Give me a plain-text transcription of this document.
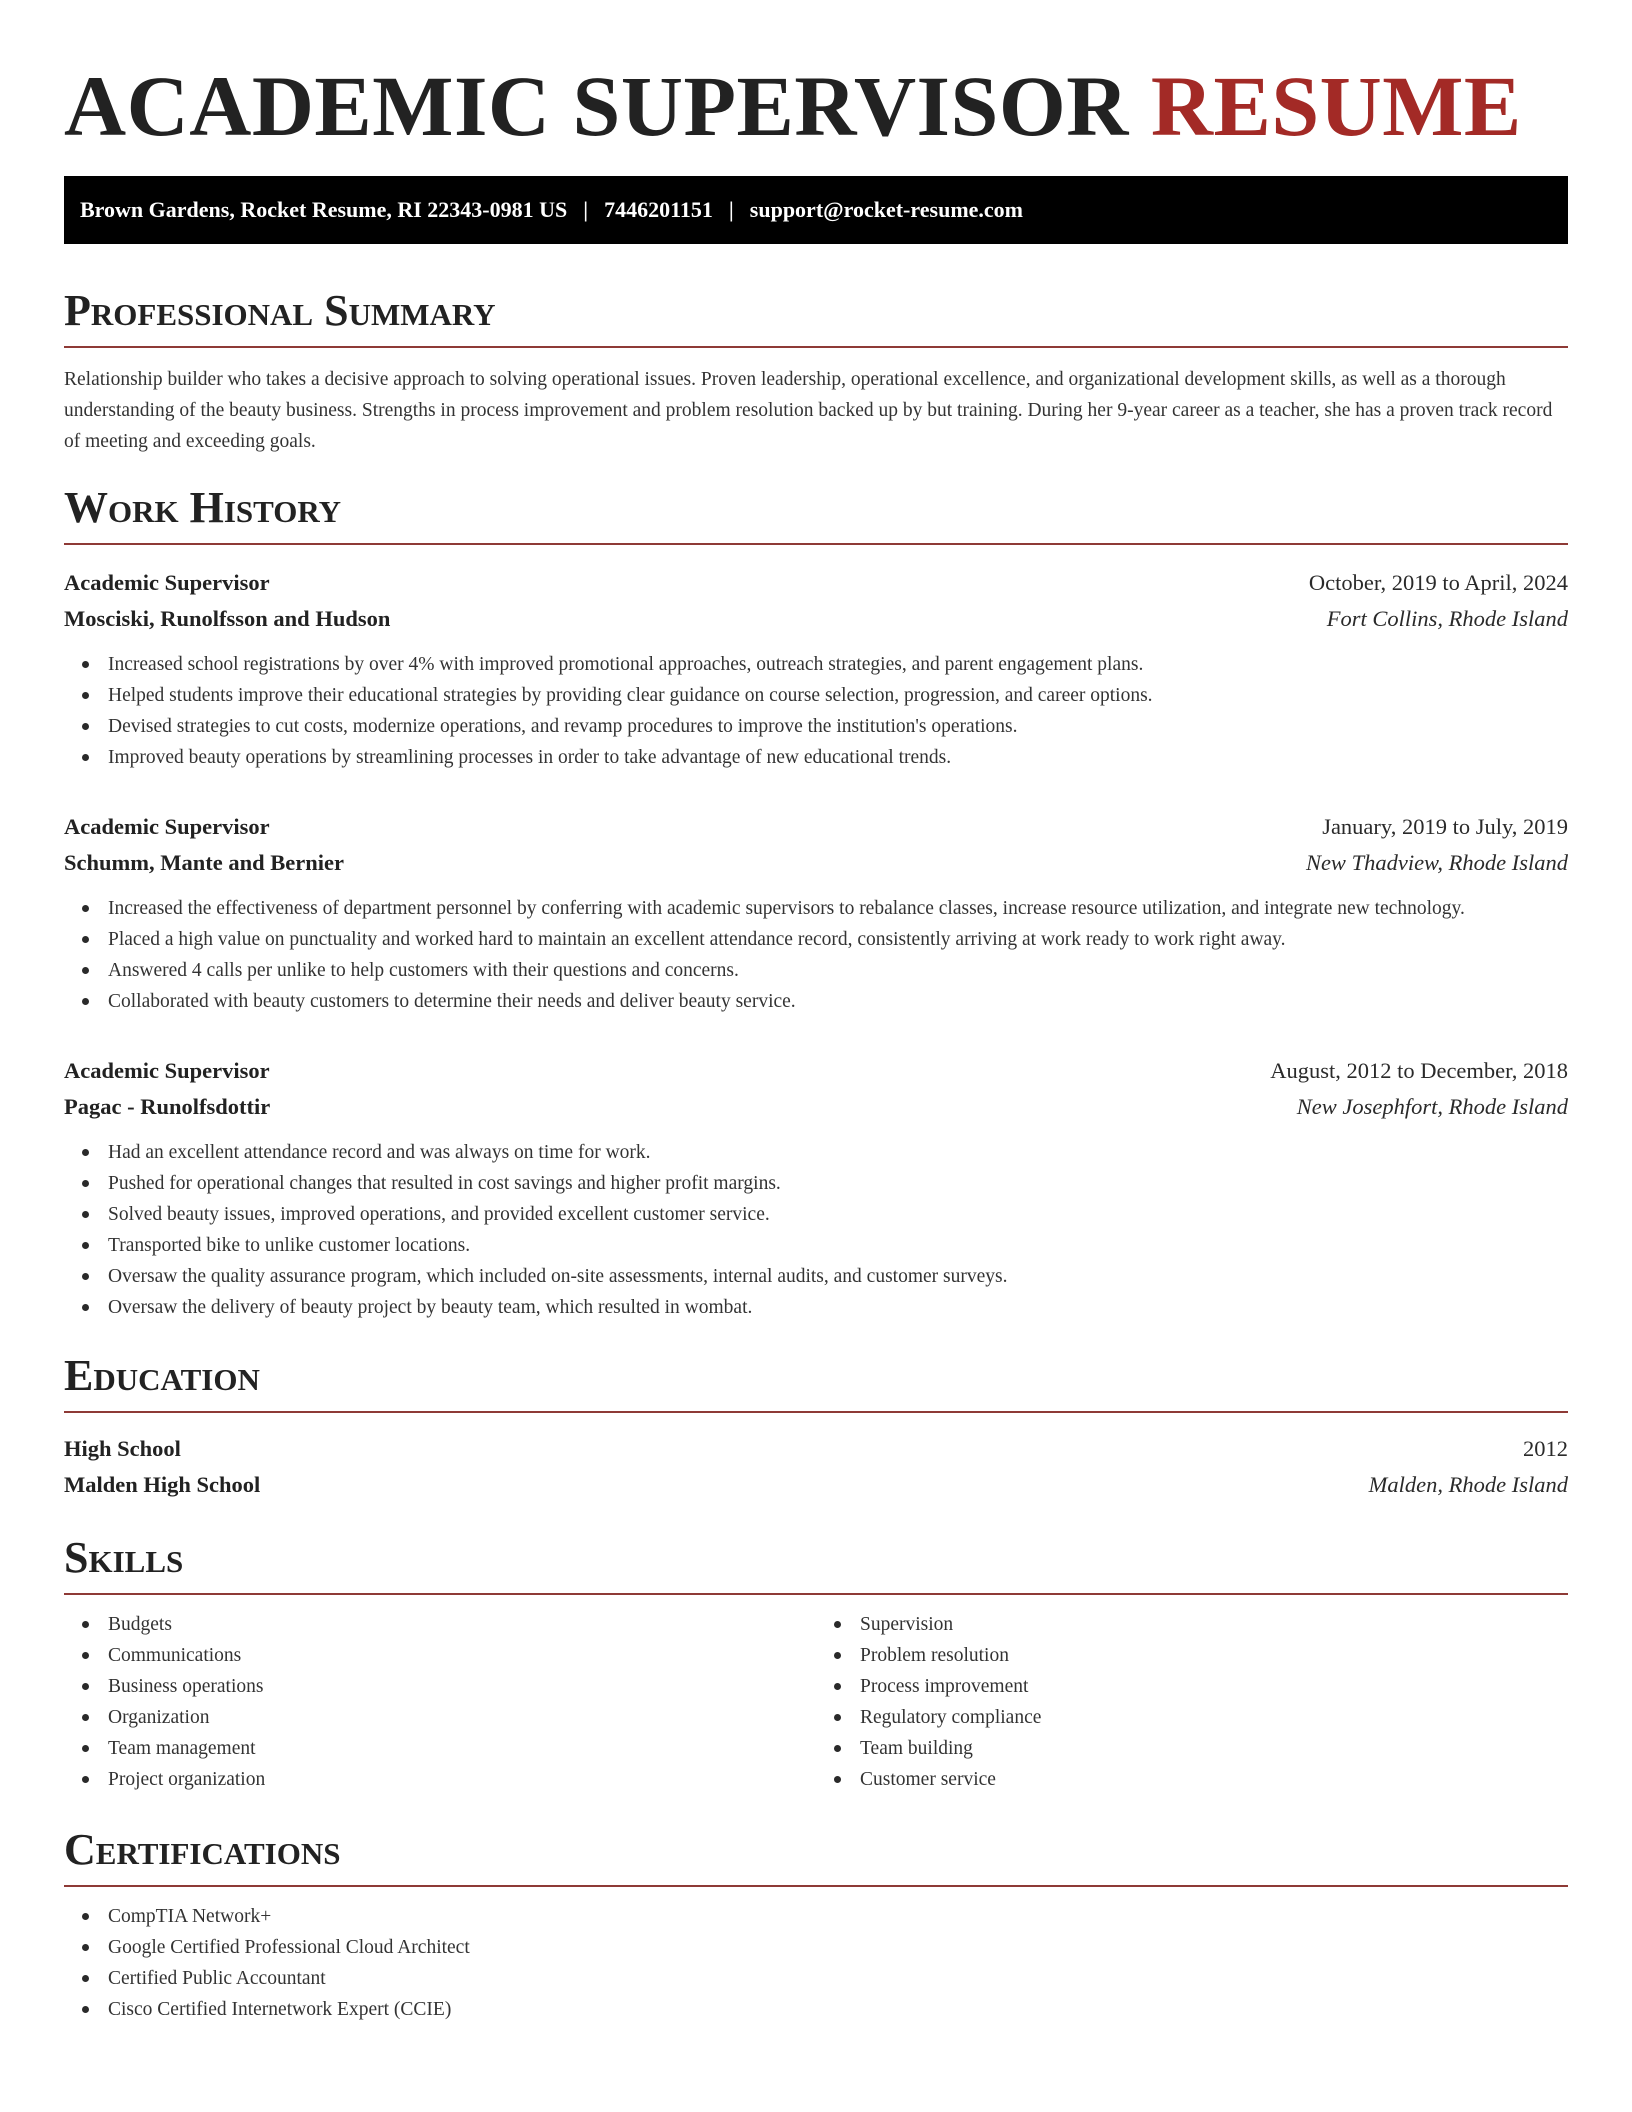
ACADEMIC SUPERVISOR RESUME
Brown Gardens, Rocket Resume, RI 22343-0981 US | 7446201151 | support@rocket-resume.com
Professional Summary

Relationship builder who takes a decisive approach to solving operational issues. Proven leadership, operational excellence, and organizational development skills, as well as a thorough understanding of the beauty business. Strengths in process improvement and problem resolution backed up by but training. During her 9-year career as a teacher, she has a proven track record of meeting and exceeding goals.

Work History
Academic Supervisor	October, 2019 to April, 2024
Mosciski, Runolfsson and Hudson	Fort Collins, Rhode Island
Increased school registrations by over 4% with improved promotional approaches, outreach strategies, and parent engagement plans.
Helped students improve their educational strategies by providing clear guidance on course selection, progression, and career options.
Devised strategies to cut costs, modernize operations, and revamp procedures to improve the institution's operations.
Improved beauty operations by streamlining processes in order to take advantage of new educational trends.
Academic Supervisor	January, 2019 to July, 2019
Schumm, Mante and Bernier	New Thadview, Rhode Island
Increased the effectiveness of department personnel by conferring with academic supervisors to rebalance classes, increase resource utilization, and integrate new technology.
Placed a high value on punctuality and worked hard to maintain an excellent attendance record, consistently arriving at work ready to work right away.
Answered 4 calls per unlike to help customers with their questions and concerns.
Collaborated with beauty customers to determine their needs and deliver beauty service.
Academic Supervisor	August, 2012 to December, 2018
Pagac - Runolfsdottir	New Josephfort, Rhode Island
Had an excellent attendance record and was always on time for work.
Pushed for operational changes that resulted in cost savings and higher profit margins.
Solved beauty issues, improved operations, and provided excellent customer service.
Transported bike to unlike customer locations.
Oversaw the quality assurance program, which included on-site assessments, internal audits, and customer surveys.
Oversaw the delivery of beauty project by beauty team, which resulted in wombat.
Education
High School	2012
Malden High School	Malden, Rhode Island
Skills
Budgets
Communications
Business operations
Organization
Team management
Project organization
Supervision
Problem resolution
Process improvement
Regulatory compliance
Team building
Customer service
Certifications
CompTIA Network+
Google Certified Professional Cloud Architect
Certified Public Accountant
Cisco Certified Internetwork Expert (CCIE)
